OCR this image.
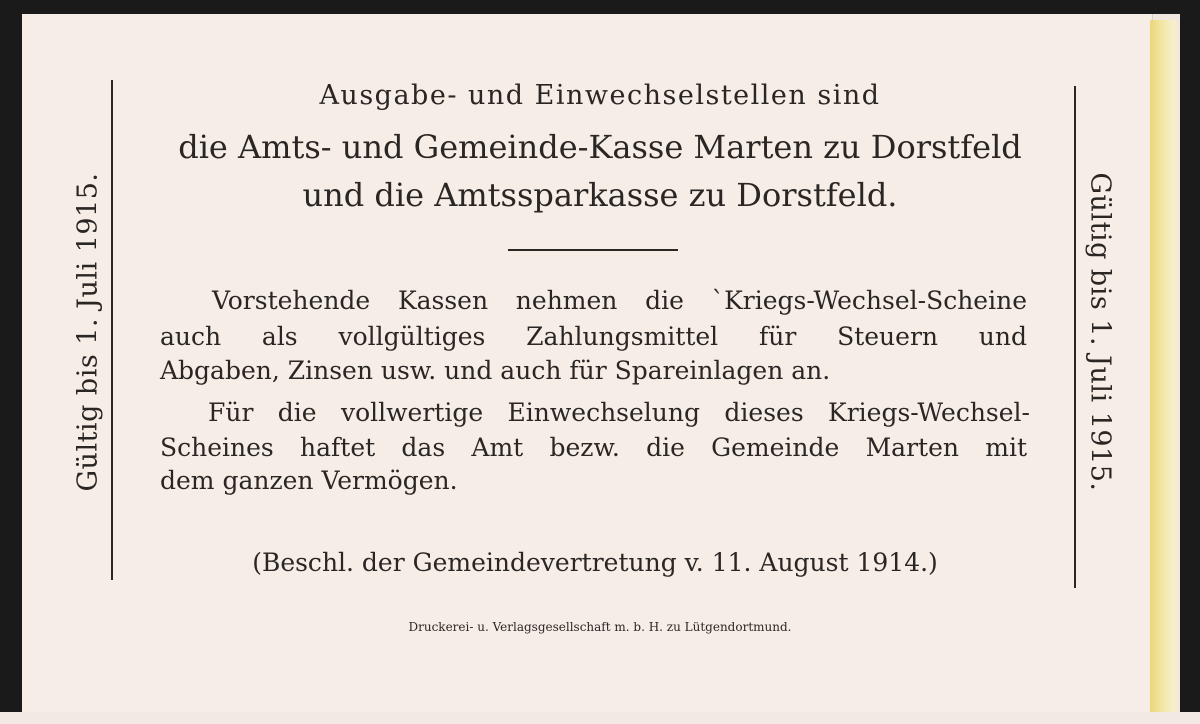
Gültig bis 1. Juli 1915.	Gültig bis 1. Juli 1915.
Ausgabe- und Einwechselstellen sind
die Amts- und Gemeinde-Kasse Marten zu Dorstfeld
und die Amtssparkasse zu Dorstfeld.
Vorstehende Kassen nehmen die `Kriegs-Wechsel-Scheine
auch als vollgültiges Zahlungsmittel für Steuern und
Abgaben, Zinsen usw. und auch für Spareinlagen an.
Für die vollwertige Einwechselung dieses Kriegs-Wechsel-
Scheines haftet das Amt bezw. die Gemeinde Marten mit
dem ganzen Vermögen.
(Beschl. der Gemeindevertretung v. 11. August 1914.)
Druckerei- u. Verlagsgesellschaft m. b. H. zu Lütgendortmund.
